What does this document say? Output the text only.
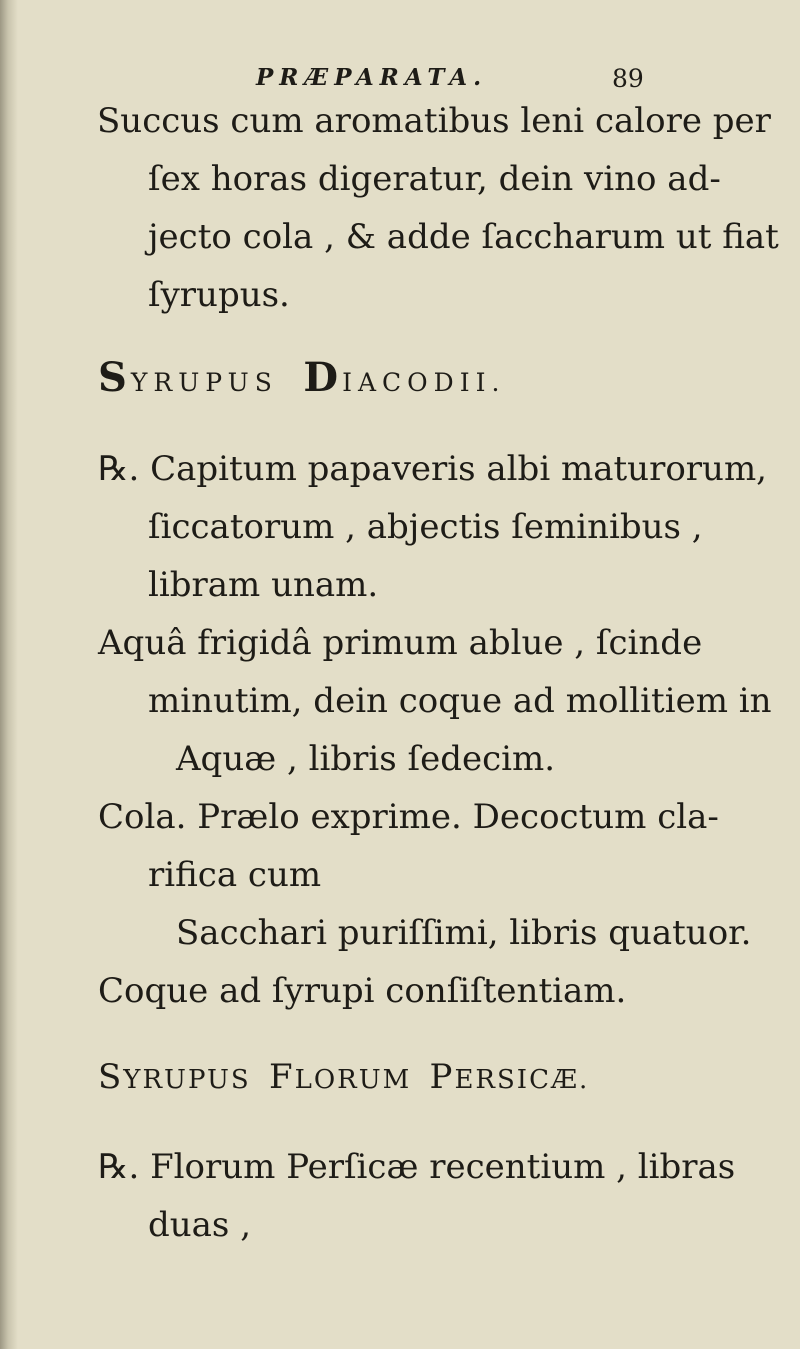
PRÆPARATA.	89
Succus cum aromatibus leni calore per
ſex horas digeratur, dein vino ad-
jecto cola , & adde ſaccharum ut fiat
ſyrupus.
SYRUPUS DIACODII.
℞. Capitum papaveris albi maturorum,
ſiccatorum , abjectis ſeminibus ,
libram unam.
Aquâ frigidâ primum ablue , ſcinde
minutim, dein coque ad mollitiem in
Aquæ , libris ſedecim.
Cola. Prælo exprime. Decoctum cla-
rifica cum
Sacchari puriſſimi, libris quatuor.
Coque ad ſyrupi conſiſtentiam.
SYRUPUS FLORUM PERSICÆ.
℞. Florum Perſicæ recentium , libras
duas ,
